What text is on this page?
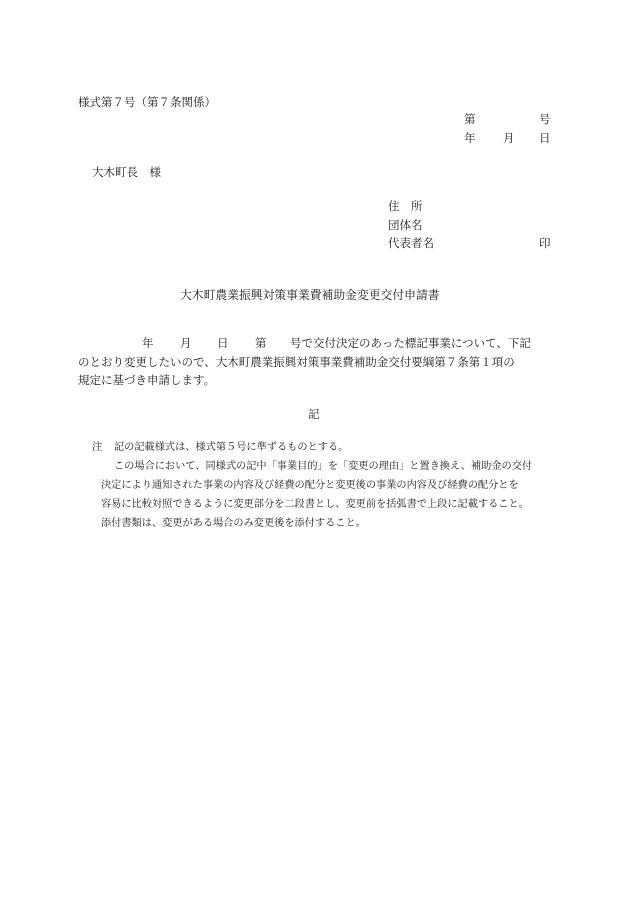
様式第７号（第７条関係）
第	号
年 月 日
大木町長　様
住　所
団体名
代表者名	印
大木町農業振興対策事業費補助金変更交付申請書
年 月 日 第 号で交付決定のあった標記事業について、下記
のとおり変更したいので、大木町農業振興対策事業費補助金交付要綱第７条第１項の
規定に基づき申請します。
記
注 記の記載様式は、様式第５号に準ずるものとする。
この場合において、同様式の記中「事業目的」を「変更の理由」と置き換え、補助金の交付
決定により通知された事業の内容及び経費の配分と変更後の事業の内容及び経費の配分とを
容易に比較対照できるように変更部分を二段書とし、変更前を括弧書で上段に記載すること。
添付書類は、変更がある場合のみ変更後を添付すること。
